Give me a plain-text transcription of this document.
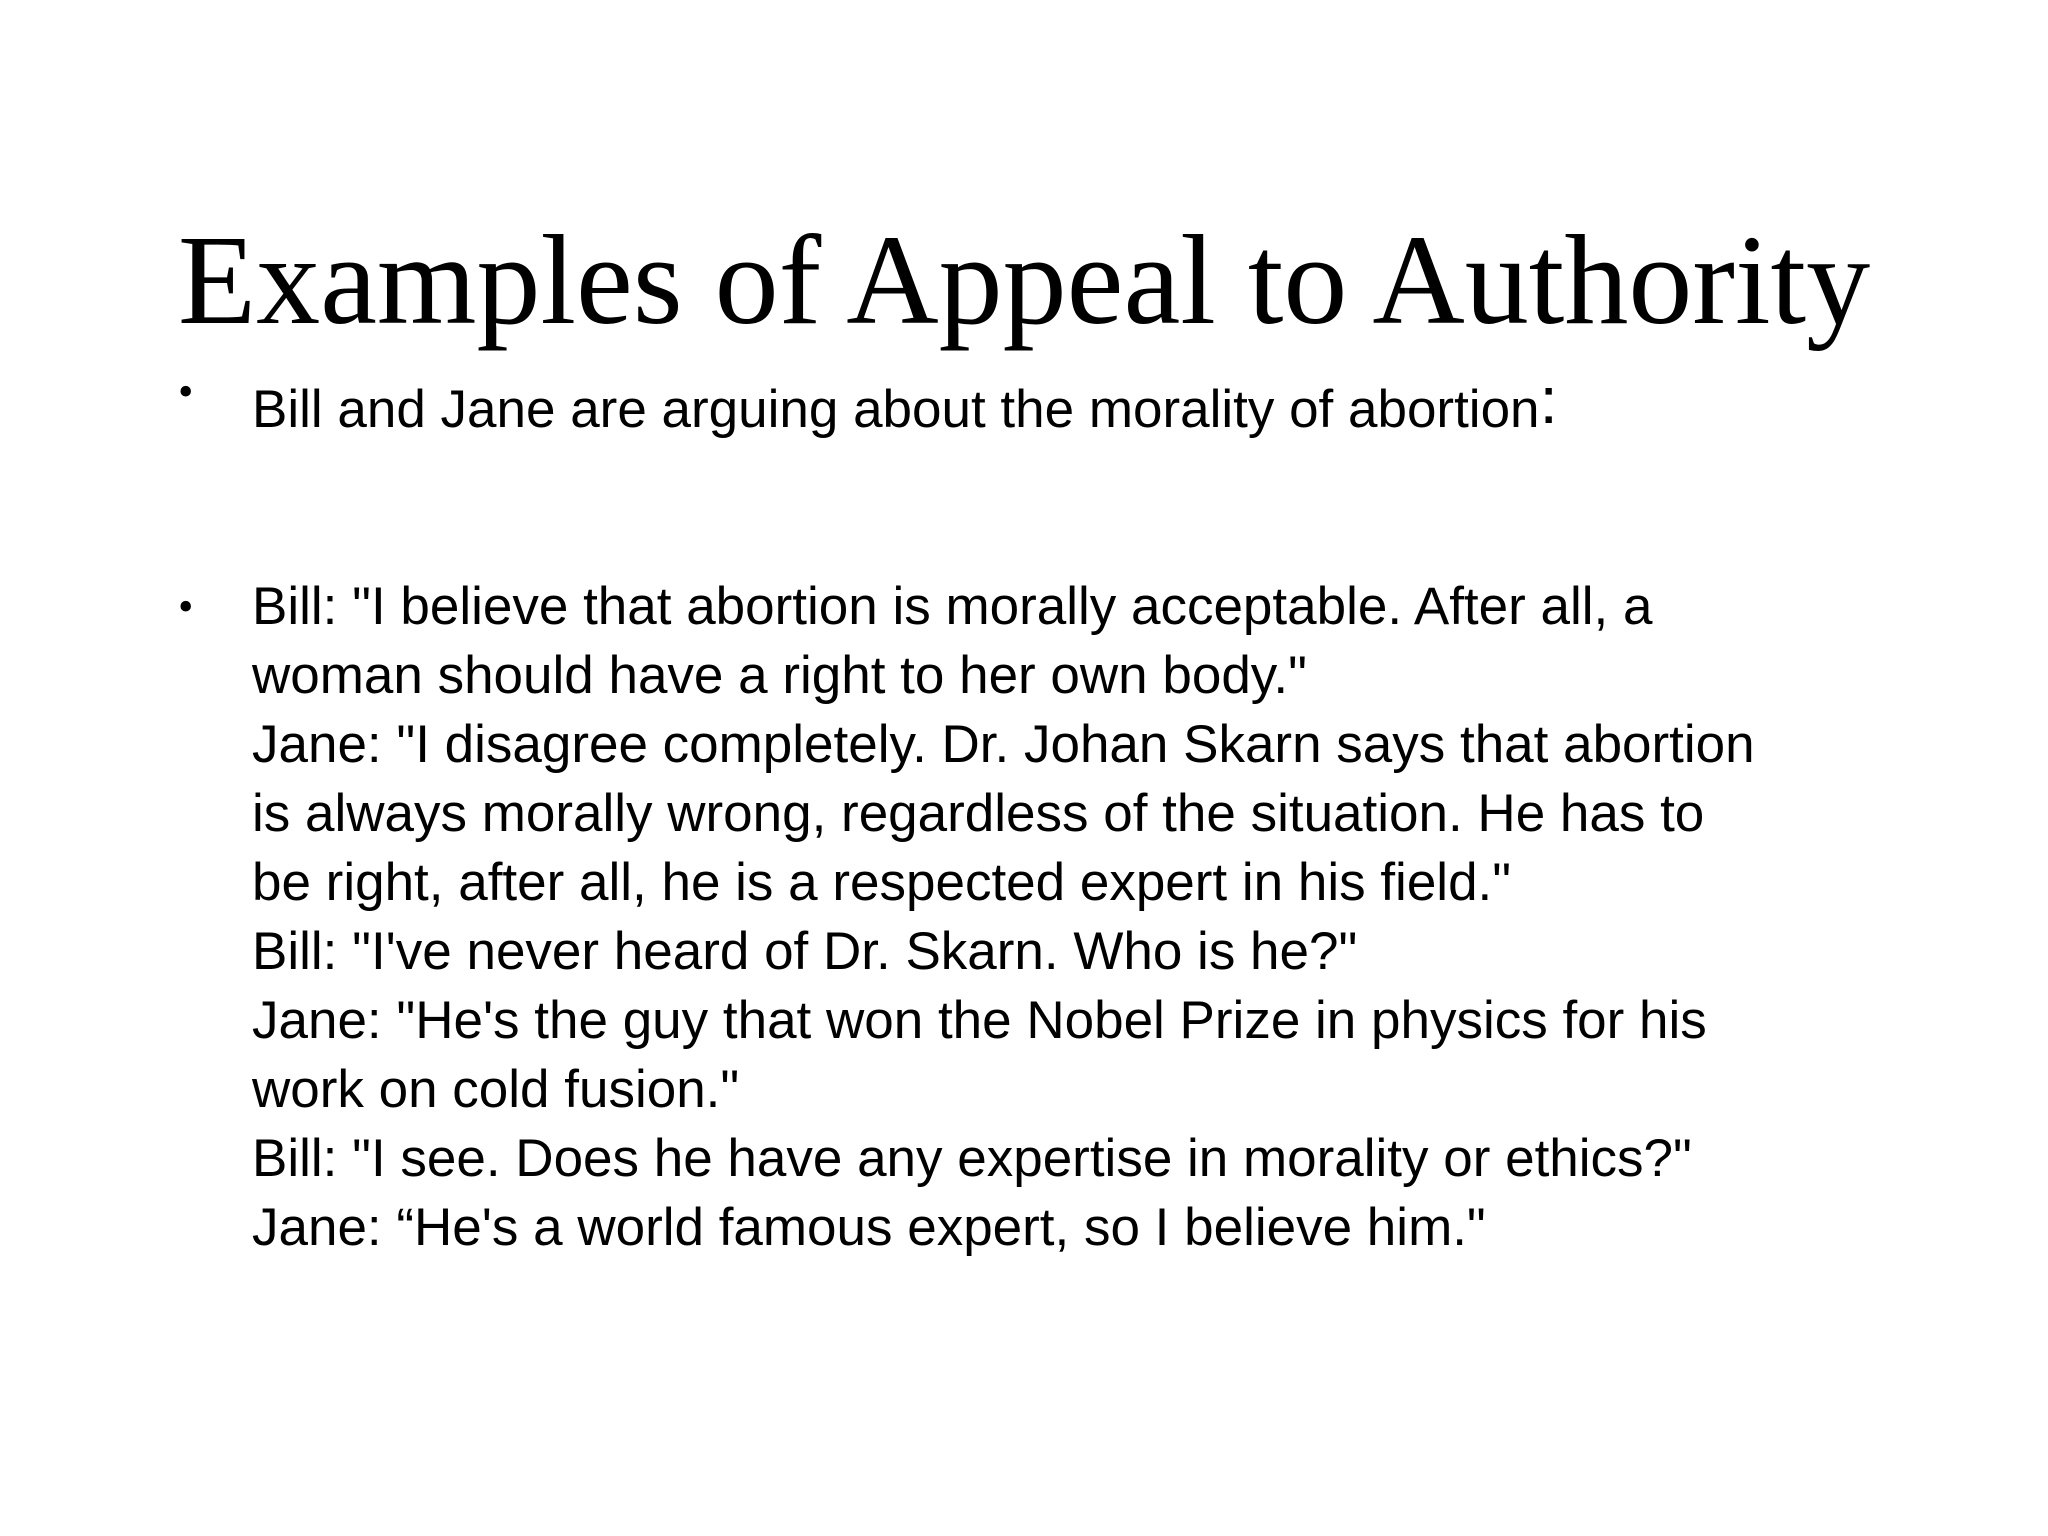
Examples of Appeal to Authority
• Bill and Jane are arguing about the morality of abortion:
• Bill: "I believe that abortion is morally acceptable. After all, a
woman should have a right to her own body."
Jane: "I disagree completely. Dr. Johan Skarn says that abortion
is always morally wrong, regardless of the situation. He has to
be right, after all, he is a respected expert in his field."
Bill: "I've never heard of Dr. Skarn. Who is he?"
Jane: "He's the guy that won the Nobel Prize in physics for his
work on cold fusion."
Bill: "I see. Does he have any expertise in morality or ethics?"
Jane: “He's a world famous expert, so I believe him."
